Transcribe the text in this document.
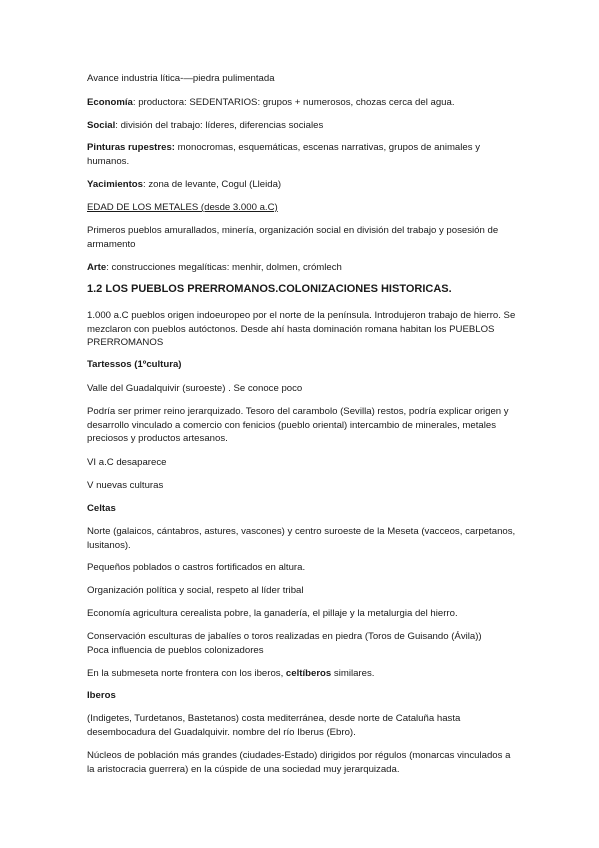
Avance industria lítica-—piedra pulimentada

Economía: productora: SEDENTARIOS: grupos + numerosos, chozas cerca del agua.

Social: división del trabajo: líderes, diferencias sociales

Pinturas rupestres: monocromas, esquemáticas, escenas narrativas, grupos de animales y humanos.

Yacimientos: zona de levante, Cogul (Lleida)

EDAD DE LOS METALES (desde 3.000 a.C)

Primeros pueblos amurallados, minería, organización social en división del trabajo y posesión de armamento

Arte: construcciones megalíticas: menhir, dolmen, crómlech

1.2 LOS PUEBLOS PRERROMANOS.COLONIZACIONES HISTORICAS.

1.000 a.C pueblos origen indoeuropeo por el norte de la península. Introdujeron trabajo de hierro. Se mezclaron con pueblos autóctonos. Desde ahí hasta dominación romana habitan los PUEBLOS PRERROMANOS

Tartessos (1ºcultura)

Valle del Guadalquivir (suroeste) . Se conoce poco

Podría ser primer reino jerarquizado. Tesoro del carambolo (Sevilla) restos, podría explicar origen y desarrollo vinculado a comercio con fenicios (pueblo oriental) intercambio de minerales, metales preciosos y productos artesanos.

VI a.C desaparece

V nuevas culturas

Celtas

Norte (galaicos, cántabros, astures, vascones) y centro suroeste de la Meseta (vacceos, carpetanos, lusitanos).

Pequeños poblados o castros fortificados en altura.

Organización política y social, respeto al líder tribal

Economía agricultura cerealista pobre, la ganadería, el pillaje y la metalurgia del hierro.

Conservación esculturas de jabalíes o toros realizadas en piedra (Toros de Guisando (Ávila))
Poca influencia de pueblos colonizadores

En la submeseta norte frontera con los iberos, celtíberos similares.

Iberos

(Indigetes, Turdetanos, Bastetanos) costa mediterránea, desde norte de Cataluña hasta desembocadura del Guadalquivir. nombre del río Iberus (Ebro).

Núcleos de población más grandes (ciudades-Estado) dirigidos por régulos (monarcas vinculados a la aristocracia guerrera) en la cúspide de una sociedad muy jerarquizada.
